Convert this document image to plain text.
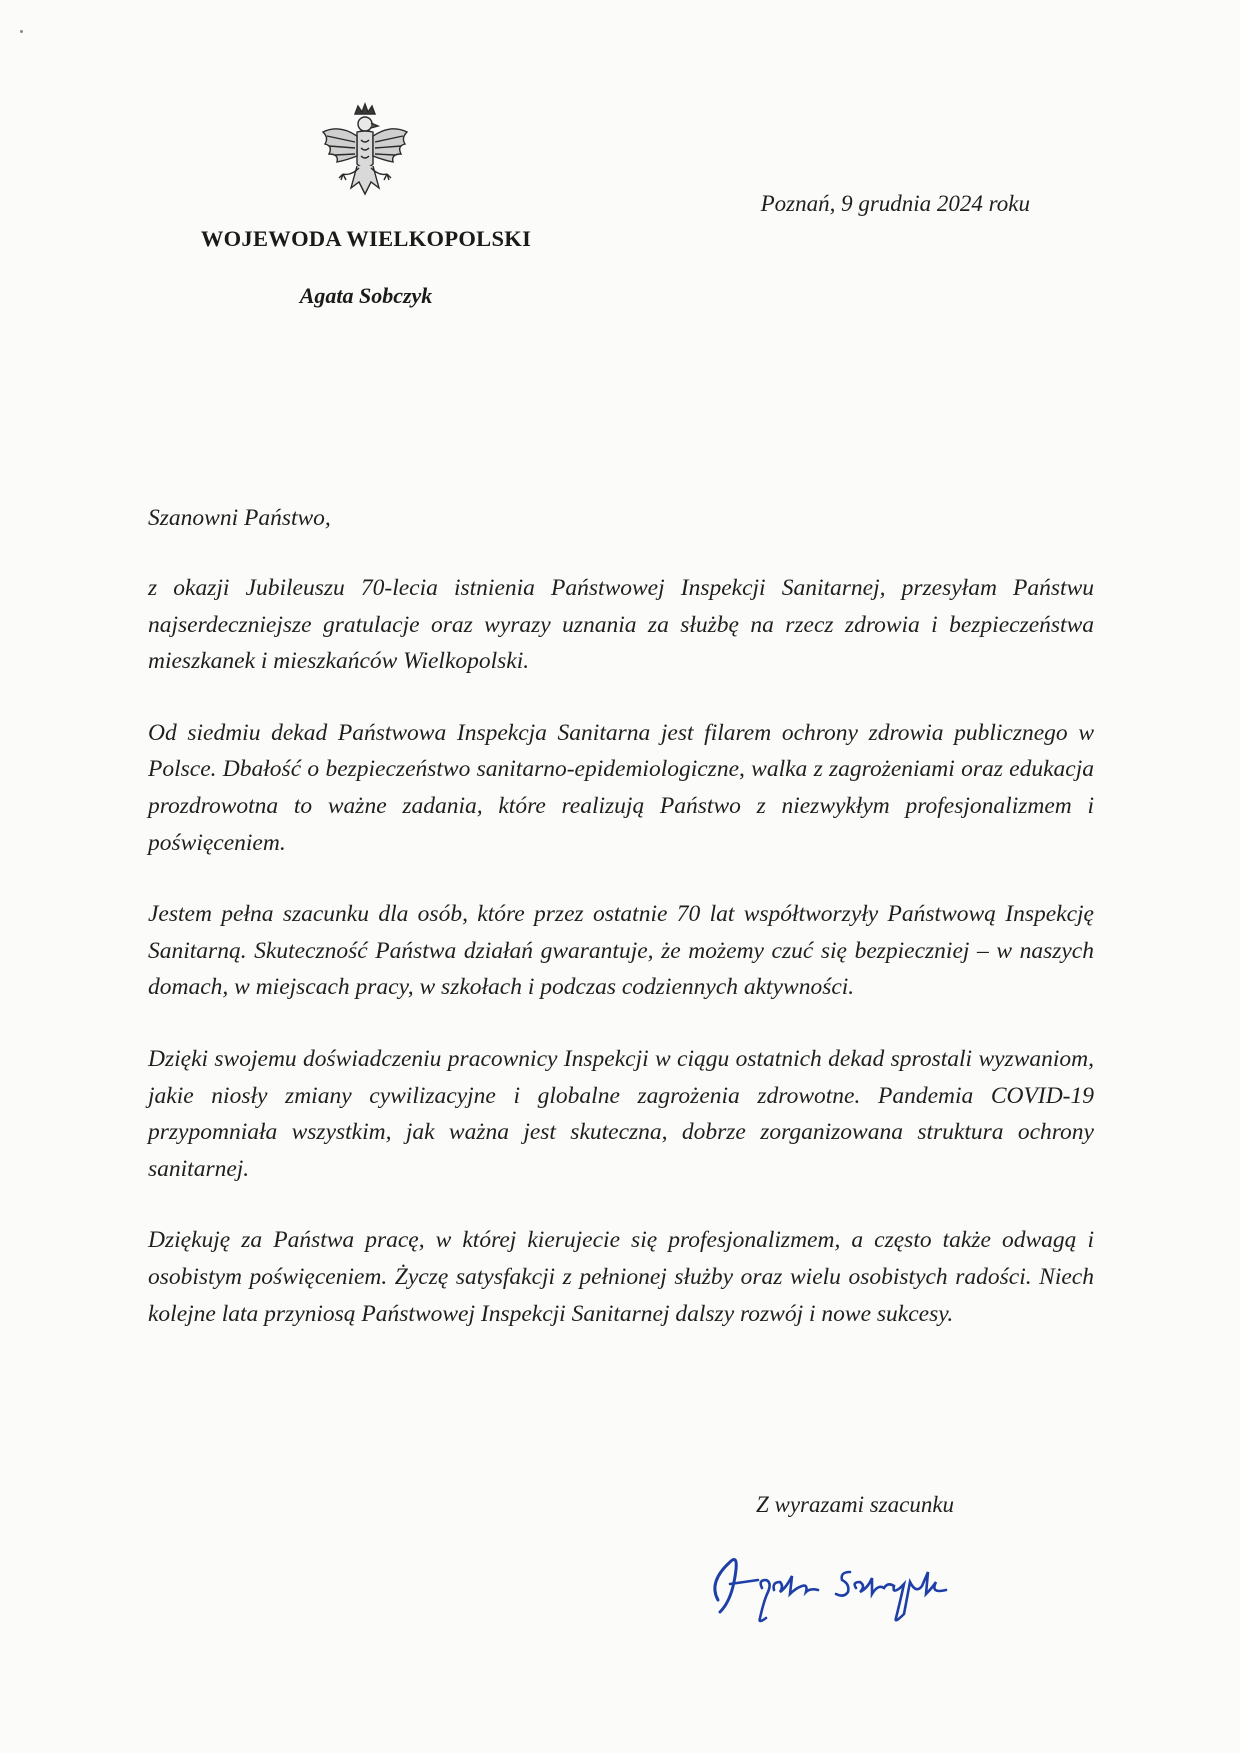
WOJEWODA WIELKOPOLSKI
Agata Sobczyk
Poznań, 9 grudnia 2024 roku
Szanowni Państwo,

z okazji Jubileuszu 70-lecia istnienia Państwowej Inspekcji Sanitarnej, przesyłam Państwu najserdeczniejsze gratulacje oraz wyrazy uznania za służbę na rzecz zdrowia i bezpieczeństwa mieszkanek i mieszkańców Wielkopolski.

Od siedmiu dekad Państwowa Inspekcja Sanitarna jest filarem ochrony zdrowia publicznego w Polsce. Dbałość o bezpieczeństwo sanitarno-epidemiologiczne, walka z zagrożeniami oraz edukacja prozdrowotna to ważne zadania, które realizują Państwo z niezwykłym profesjonalizmem i poświęceniem.

Jestem pełna szacunku dla osób, które przez ostatnie 70 lat współtworzyły Państwową Inspekcję Sanitarną. Skuteczność Państwa działań gwarantuje, że możemy czuć się bezpieczniej – w naszych domach, w miejscach pracy, w szkołach i podczas codziennych aktywności.

Dzięki swojemu doświadczeniu pracownicy Inspekcji w ciągu ostatnich dekad sprostali wyzwaniom, jakie niosły zmiany cywilizacyjne i globalne zagrożenia zdrowotne. Pandemia COVID-19 przypomniała wszystkim, jak ważna jest skuteczna, dobrze zorganizowana struktura ochrony sanitarnej.

Dziękuję za Państwa pracę, w której kierujecie się profesjonalizmem, a często także odwagą i osobistym poświęceniem. Życzę satysfakcji z pełnionej służby oraz wielu osobistych radości. Niech kolejne lata przyniosą Państwowej Inspekcji Sanitarnej dalszy rozwój i nowe sukcesy.

Z wyrazami szacunku
